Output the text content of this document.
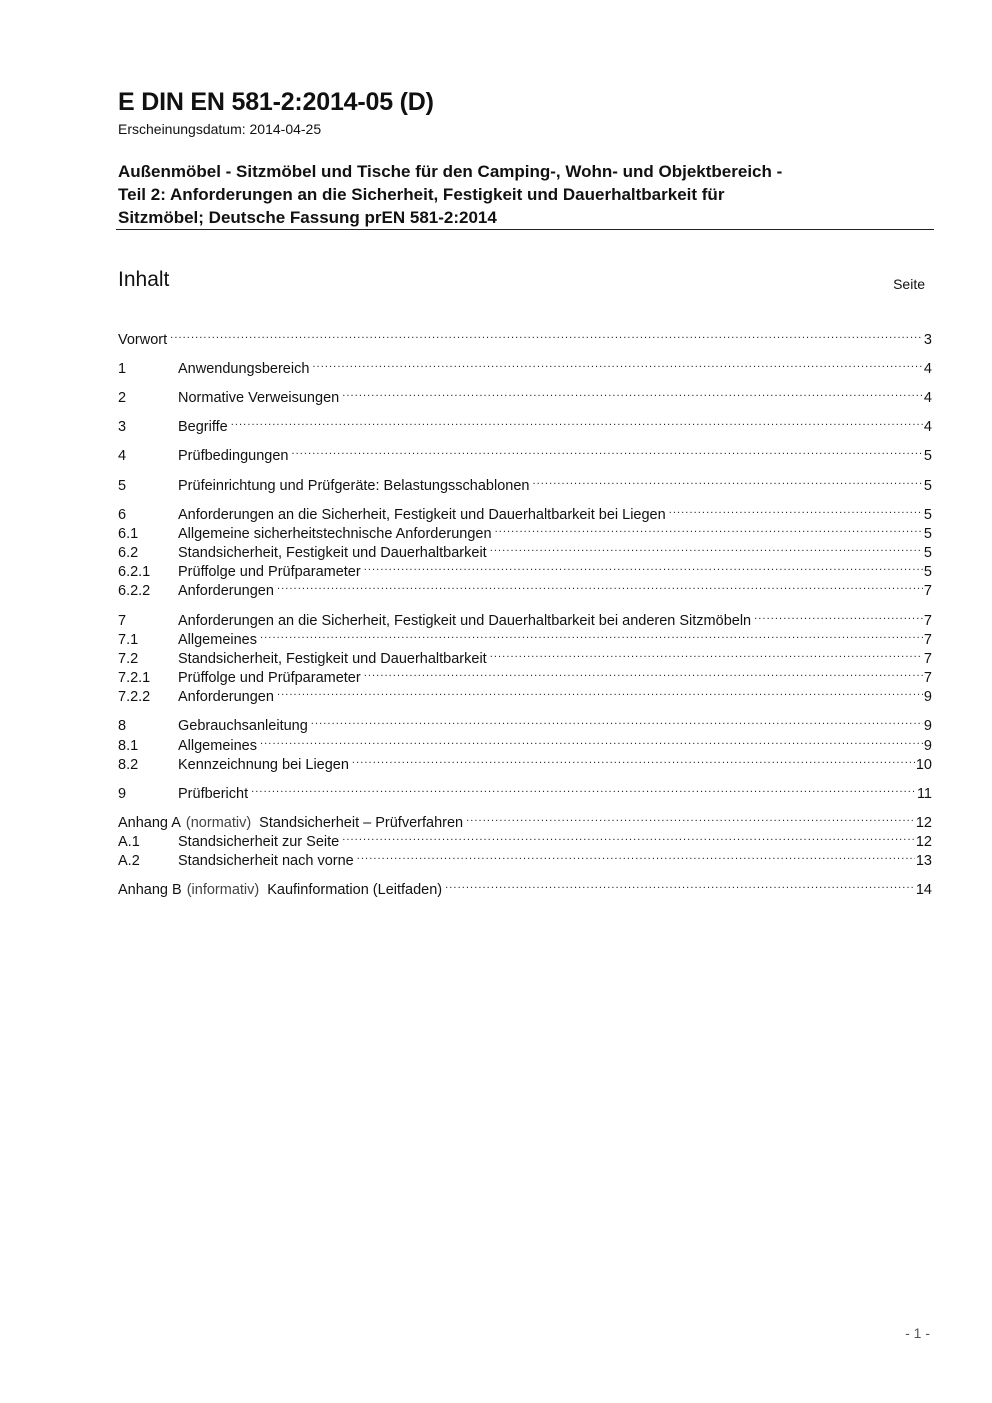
E DIN EN 581-2:2014-05 (D)
Erscheinungsdatum: 2014-04-25
Außenmöbel - Sitzmöbel und Tische für den Camping-, Wohn- und Objektbereich -
Teil 2: Anforderungen an die Sicherheit, Festigkeit und Dauerhaltbarkeit für
Sitzmöbel; Deutsche Fassung prEN 581-2:2014
Inhalt	Seite
Vorwort .....	3
1	Anwendungsbereich .....	4
2	Normative Verweisungen .....	4
3	Begriffe .....	4
4	Prüfbedingungen .....	5
5	Prüfeinrichtung und Prüfgeräte: Belastungsschablonen .....	5
6	Anforderungen an die Sicherheit, Festigkeit und Dauerhaltbarkeit bei Liegen .....	5
6.1	Allgemeine sicherheitstechnische Anforderungen .....	5
6.2	Standsicherheit, Festigkeit und Dauerhaltbarkeit .....	5
6.2.1	Prüffolge und Prüfparameter .....	5
6.2.2	Anforderungen .....	7
7	Anforderungen an die Sicherheit, Festigkeit und Dauerhaltbarkeit bei anderen Sitzmöbeln .....	7
7.1	Allgemeines .....	7
7.2	Standsicherheit, Festigkeit und Dauerhaltbarkeit .....	7
7.2.1	Prüffolge und Prüfparameter .....	7
7.2.2	Anforderungen .....	9
8	Gebrauchsanleitung .....	9
8.1	Allgemeines .....	9
8.2	Kennzeichnung bei Liegen .....	10
9	Prüfbericht .....	11
Anhang A (normativ) Standsicherheit – Prüfverfahren .....	12
A.1	Standsicherheit zur Seite .....	12
A.2	Standsicherheit nach vorne .....	13
Anhang B (informativ) Kaufinformation (Leitfaden) .....	14
- 1 -
